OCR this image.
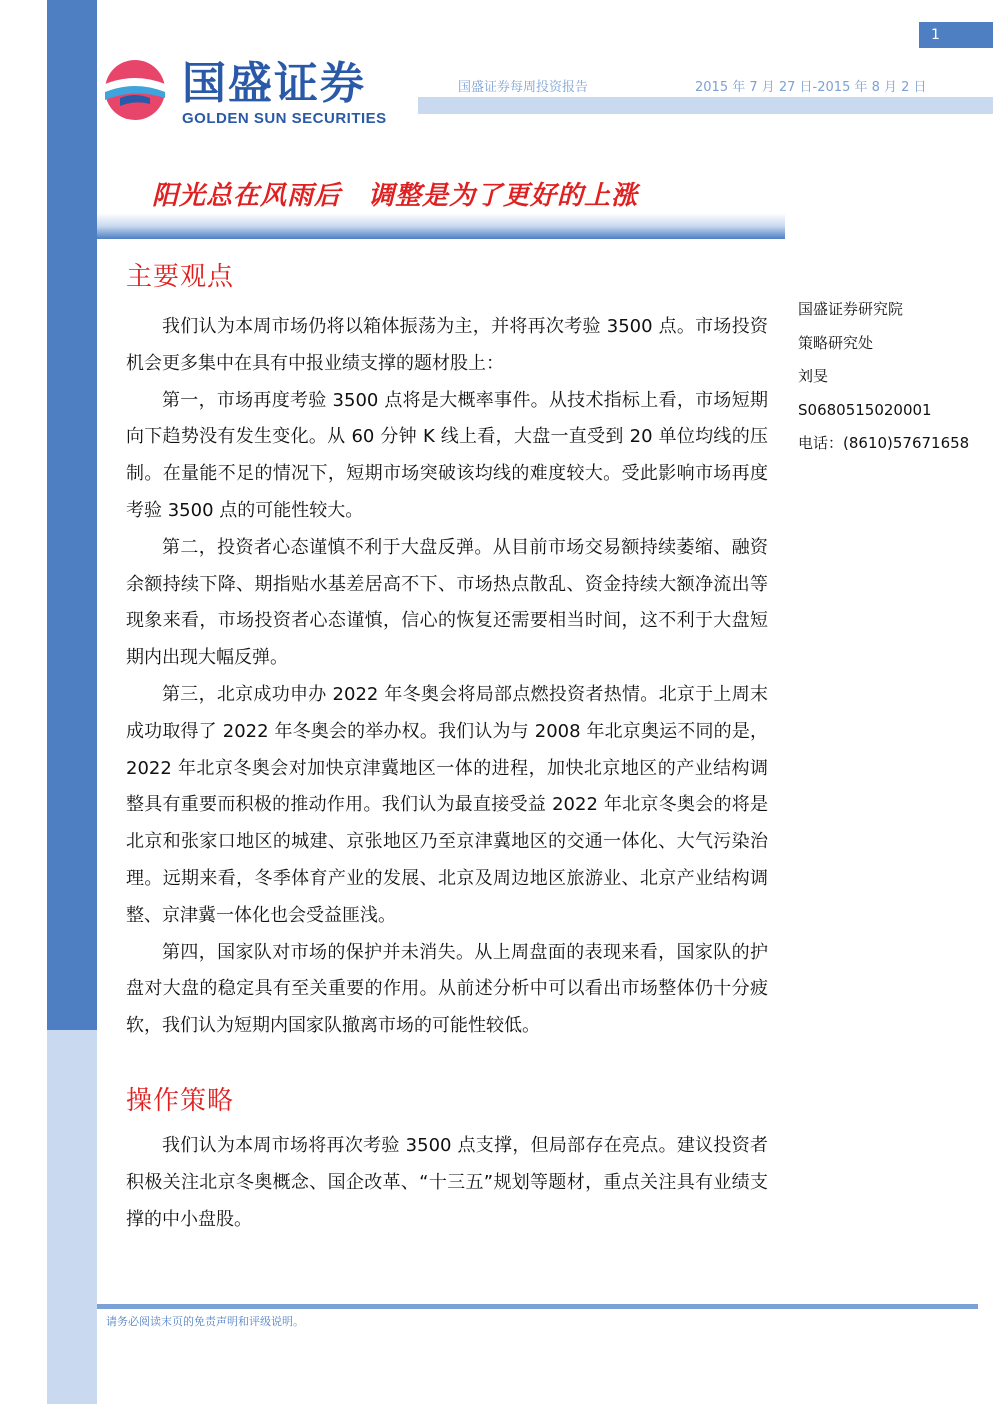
1
国盛证券
GOLDEN SUN SECURITIES
国盛证券每周投资报告	2015 年 7 月 27 日-2015 年 8 月 2 日
阳光总在风雨后　调整是为了更好的上涨
主要观点

我们认为本周市场仍将以箱体振荡为主，并将再次考验 3500 点。市场投资机会更多集中在具有中报业绩支撑的题材股上：

第一，市场再度考验 3500 点将是大概率事件。从技术指标上看，市场短期向下趋势没有发生变化。从 60 分钟 K 线上看，大盘一直受到 20 单位均线的压制。在量能不足的情况下，短期市场突破该均线的难度较大。受此影响市场再度考验 3500 点的可能性较大。

第二，投资者心态谨慎不利于大盘反弹。从目前市场交易额持续萎缩、融资余额持续下降、期指贴水基差居高不下、市场热点散乱、资金持续大额净流出等现象来看，市场投资者心态谨慎，信心的恢复还需要相当时间，这不利于大盘短期内出现大幅反弹。

第三，北京成功申办 2022 年冬奥会将局部点燃投资者热情。北京于上周末成功取得了 2022 年冬奥会的举办权。我们认为与 2008 年北京奥运不同的是，2022 年北京冬奥会对加快京津冀地区一体的进程，加快北京地区的产业结构调整具有重要而积极的推动作用。我们认为最直接受益 2022 年北京冬奥会的将是北京和张家口地区的城建、京张地区乃至京津冀地区的交通一体化、大气污染治理。远期来看，冬季体育产业的发展、北京及周边地区旅游业、北京产业结构调整、京津冀一体化也会受益匪浅。

第四，国家队对市场的保护并未消失。从上周盘面的表现来看，国家队的护盘对大盘的稳定具有至关重要的作用。从前述分析中可以看出市场整体仍十分疲软，我们认为短期内国家队撤离市场的可能性较低。

操作策略

我们认为本周市场将再次考验 3500 点支撑，但局部存在亮点。建议投资者积极关注北京冬奥概念、国企改革、“十三五”规划等题材，重点关注具有业绩支撑的中小盘股。

国盛证券研究院
策略研究处
刘旻
S0680515020001
电话：(8610)57671658
请务必阅读末页的免责声明和评级说明。
